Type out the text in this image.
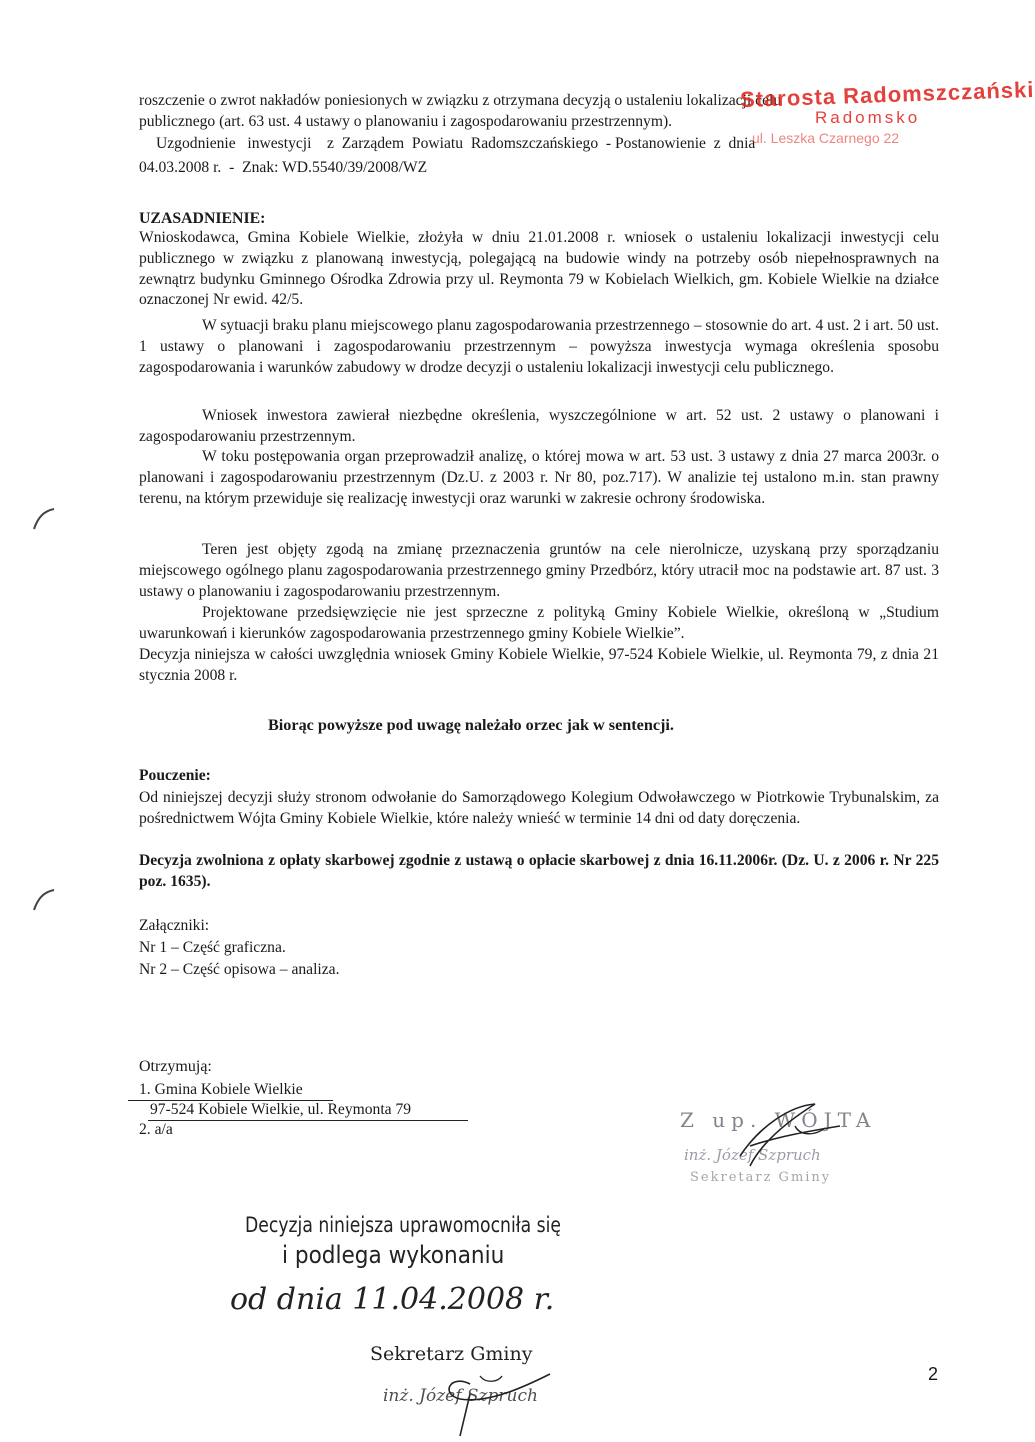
roszczenie o zwrot nakładów poniesionych w związku z otrzymana decyzją o ustaleniu lokalizacji celu
publicznego (art. 63 ust. 4 ustawy o planowaniu i zagospodarowaniu przestrzennym).
Uzgodnienie   inwestycji    z  Zarządem  Powiatu  Radomszczańskiego  - Postanowienie  z  dnia
04.03.2008 r.  -  Znak: WD.5540/39/2008/WZ
Starosta Radomszczański
Radomsko
ul. Leszka Czarnego 22
UZASADNIENIE:
Wnioskodawca, Gmina Kobiele Wielkie, złożyła w dniu 21.01.2008 r. wniosek o ustaleniu lokalizacji inwestycji celu publicznego w związku z planowaną inwestycją, polegającą na budowie windy na potrzeby osób niepełnosprawnych na zewnątrz budynku Gminnego Ośrodka Zdrowia przy ul. Reymonta 79 w Kobielach Wielkich, gm. Kobiele Wielkie na działce oznaczonej Nr ewid. 42/5.
W sytuacji braku planu miejscowego planu zagospodarowania przestrzennego – stosownie do art. 4 ust. 2 i art. 50 ust. 1 ustawy o planowani i zagospodarowaniu przestrzennym – powyższa inwestycja wymaga określenia sposobu zagospodarowania i warunków zabudowy w drodze decyzji o ustaleniu lokalizacji inwestycji celu publicznego.
Wniosek inwestora zawierał niezbędne określenia, wyszczególnione w art. 52 ust. 2 ustawy o planowani i zagospodarowaniu przestrzennym.
W toku postępowania organ przeprowadził analizę, o której mowa w art. 53 ust. 3 ustawy z dnia 27 marca 2003r. o planowani i zagospodarowaniu przestrzennym (Dz.U. z 2003 r. Nr 80, poz.717). W analizie tej ustalono m.in. stan prawny terenu, na którym przewiduje się realizację inwestycji oraz warunki w zakresie ochrony środowiska.
Teren jest objęty zgodą na zmianę przeznaczenia gruntów na cele nierolnicze, uzyskaną przy sporządzaniu miejscowego ogólnego planu zagospodarowania przestrzennego gminy Przedbórz, który utracił moc na podstawie art. 87 ust. 3 ustawy o planowaniu i zagospodarowaniu przestrzennym.
Projektowane przedsięwzięcie nie jest sprzeczne z polityką Gminy Kobiele Wielkie, określoną w „Studium uwarunkowań i kierunków zagospodarowania przestrzennego gminy Kobiele Wielkie”.
Decyzja niniejsza w całości uwzględnia wniosek Gminy Kobiele Wielkie, 97-524 Kobiele Wielkie, ul. Reymonta 79, z dnia 21 stycznia 2008 r.
Biorąc powyższe pod uwagę należało orzec jak w sentencji.
Pouczenie:
Od niniejszej decyzji służy stronom odwołanie do Samorządowego Kolegium Odwoławczego w Piotrkowie Trybunalskim, za pośrednictwem Wójta Gminy Kobiele Wielkie, które należy wnieść w terminie 14 dni od daty doręczenia.
Decyzja zwolniona z opłaty skarbowej zgodnie z ustawą o opłacie skarbowej z dnia 16.11.2006r. (Dz. U. z 2006 r. Nr 225 poz. 1635).
Załączniki:
Nr 1 – Część graficzna.
Nr 2 – Część opisowa – analiza.
Otrzymują:
1. Gmina Kobiele Wielkie
97-524 Kobiele Wielkie, ul. Reymonta 79
2. a/a	Z up. WÓJTA
inż. Józef Szpruch
Sekretarz Gminy
Decyzja niniejsza uprawomocniła się
i podlega wykonaniu
od dnia 11.04.2008 r.
Sekretarz Gminy
inż. Józef Szpruch
2
